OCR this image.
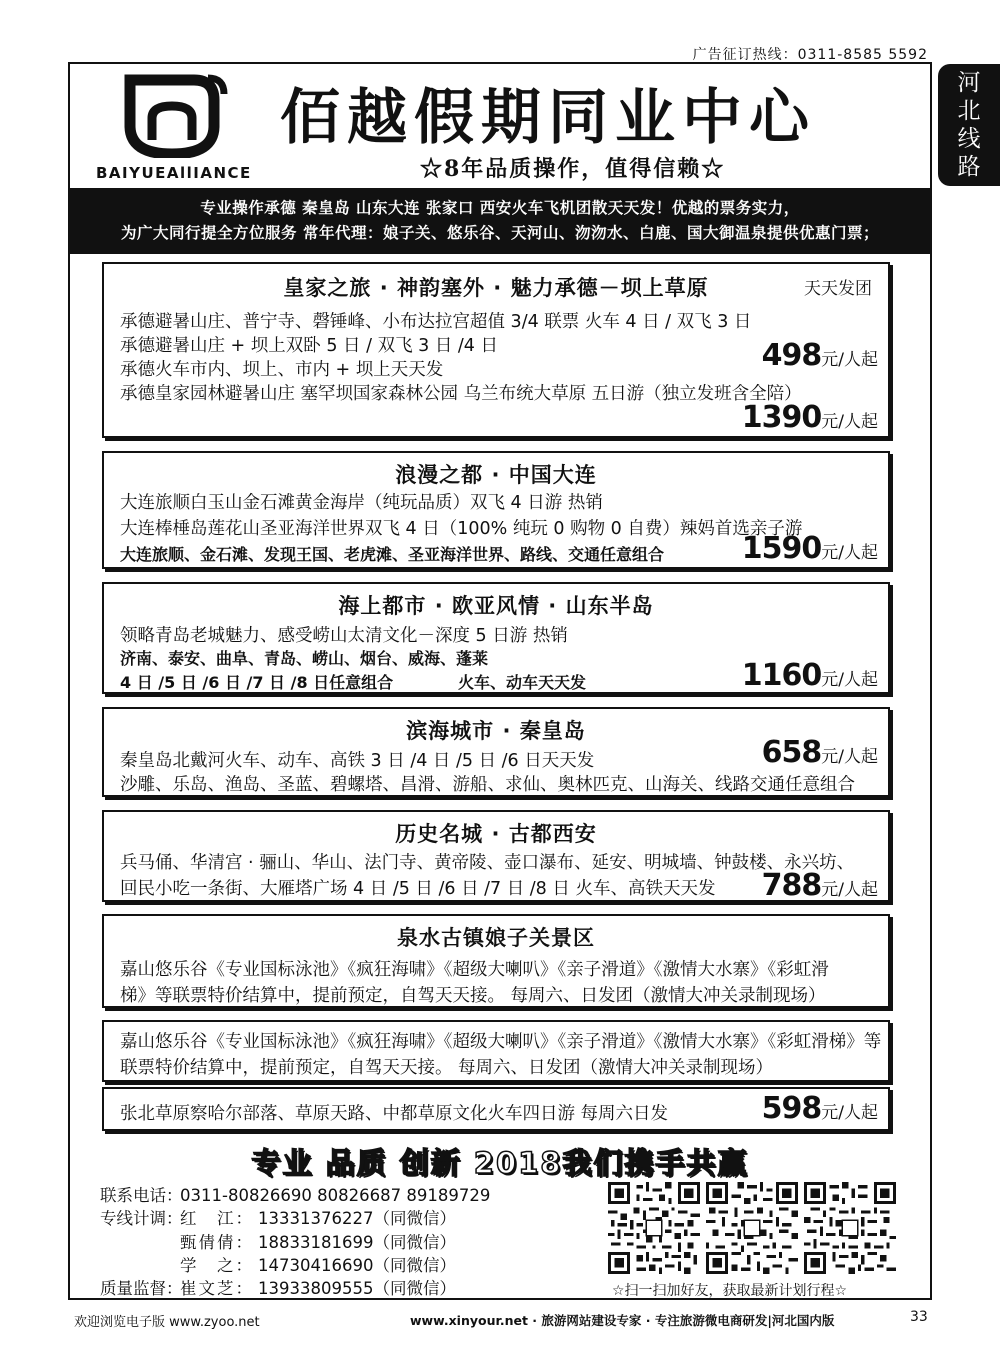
广告征订热线：0311-8585 5592
河
北
线
路
BAIYUEAllIANCE
佰越假期同业中心
☆8年品质操作，值得信赖☆
专业操作承德 秦皇岛 山东大连 张家口 西安火车飞机团散天天发！优越的票务实力，
为广大同行提全方位服务 常年代理：娘子关、悠乐谷、天河山、沕沕水、白鹿、国大御温泉提供优惠门票；
皇家之旅 · 神韵塞外 · 魅力承德－坝上草原	天天发团
承德避暑山庄、普宁寺、磬锤峰、小布达拉宫超值 3/4 联票 火车 4 日 / 双飞 3 日
承德避暑山庄 + 坝上双卧 5 日 / 双飞 3 日 /4 日
承德火车市内、坝上、市内 + 坝上天天发
承德皇家园林避暑山庄 塞罕坝国家森林公园 乌兰布统大草原 五日游（独立发班含全陪）
498元/人起
1390元/人起
浪漫之都 · 中国大连
大连旅顺白玉山金石滩黄金海岸（纯玩品质）双飞 4 日游 热销
大连棒棰岛莲花山圣亚海洋世界双飞 4 日（100% 纯玩 0 购物 0 自费）辣妈首选亲子游
大连旅顺、金石滩、发现王国、老虎滩、圣亚海洋世界、路线、交通任意组合	1590元/人起
海上都市 · 欧亚风情 · 山东半岛
领略青岛老城魅力、感受崂山太清文化－深度 5 日游 热销
济南、泰安、曲阜、青岛、崂山、烟台、威海、蓬莱
4 日 /5 日 /6 日 /7 日 /8 日任意组合	火车、动车天天发	1160元/人起
滨海城市 · 秦皇岛
秦皇岛北戴河火车、动车、高铁 3 日 /4 日 /5 日 /6 日天天发
沙雕、乐岛、渔岛、圣蓝、碧螺塔、昌滑、游船、求仙、奥林匹克、山海关、线路交通任意组合
658元/人起
历史名城 · 古都西安
兵马俑、华清宫 · 骊山、华山、法门寺、黄帝陵、壶口瀑布、延安、明城墙、钟鼓楼、永兴坊、
回民小吃一条街、大雁塔广场 4 日 /5 日 /6 日 /7 日 /8 日 火车、高铁天天发 788元/人起
泉水古镇娘子关景区
嘉山悠乐谷《专业国标泳池》《疯狂海啸》《超级大喇叭》《亲子滑道》《激情大水寨》《彩虹滑
梯》等联票特价结算中，提前预定，自驾天天接。 每周六、日发团（激情大冲关录制现场）
嘉山悠乐谷《专业国标泳池》《疯狂海啸》《超级大喇叭》《亲子滑道》《激情大水寨》《彩虹滑梯》等
联票特价结算中，提前预定，自驾天天接。 每周六、日发团（激情大冲关录制现场）
张北草原察哈尔部落、草原天路、中都草原文化火车四日游 每周六日发	598元/人起
专业 品质 创新 2018我们携手共赢
联系电话：0311-80826690 80826687 89189729
专线计调：红　江： 13331376227（同微信）
甄倩倩： 18833181699（同微信）
学　之： 14730416690（同微信）
质量监督：崔文芝： 13933809555（同微信）	☆扫一扫加好友，获取最新计划行程☆
欢迎浏览电子版 www.zyoo.net	www.xinyour.net · 旅游网站建设专家 · 专注旅游微电商研发|河北国内版	33
